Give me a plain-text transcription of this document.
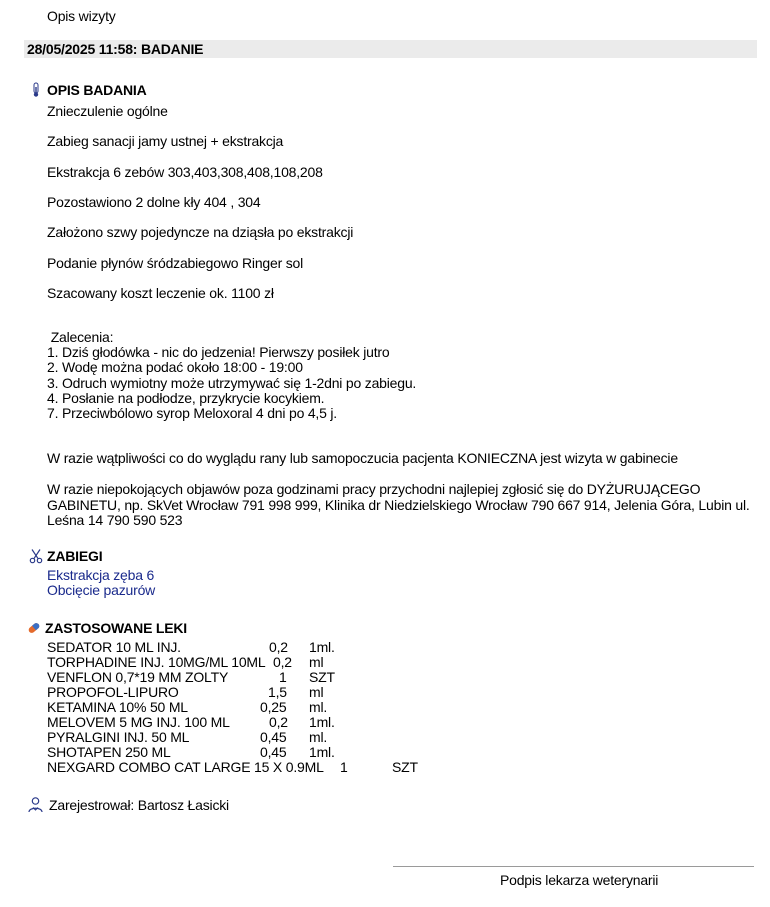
Opis wizyty
28/05/2025 11:58: BADANIE
OPIS BADANIA
Znieczulenie ogólne
Zabieg sanacji jamy ustnej + ekstrakcja
Ekstrakcja 6 zebów 303,403,308,408,108,208
Pozostawiono 2 dolne kły 404 , 304
Założono szwy pojedyncze na dziąsła po ekstrakcji
Podanie płynów śródzabiegowo Ringer sol
Szacowany koszt leczenie ok. 1100 zł
Zalecenia:
1. Dziś głodówka - nic do jedzenia! Pierwszy posiłek jutro
2. Wodę można podać około 18:00 - 19:00
3. Odruch wymiotny może utrzymywać się 1-2dni po zabiegu.
4. Posłanie na podłodze, przykrycie kocykiem.
7. Przeciwbólowo syrop Meloxoral 4 dni po 4,5 j.
W razie wątpliwości co do wyglądu rany lub samopoczucia pacjenta KONIECZNA jest wizyta w gabinecie
W razie niepokojących objawów poza godzinami pracy przychodni najlepiej zgłosić się do DYŻURUJĄCEGO GABINETU, np. SkVet Wrocław 791 998 999, Klinika dr Niedzielskiego Wrocław 790 667 914, Jelenia Góra, Lubin ul. Leśna 14 790 590 523
ZABIEGI
Ekstrakcja zęba 6
Obcięcie pazurów
ZASTOSOWANE LEKI
SEDATOR 10 ML INJ.	0,2 1ml.
TORPHADINE INJ. 10MG/ML 10ML 0,2 ml
VENFLON 0,7*19 MM ZOLTY	1 SZT
PROPOFOL-LIPURO	1,5 ml
KETAMINA 10% 50 ML	0,25 ml.
MELOVEM 5 MG INJ. 100 ML	0,2 1ml.
PYRALGINI INJ. 50 ML	0,45 ml.
SHOTAPEN 250 ML	0,45 1ml.
NEXGARD COMBO CAT LARGE 15 X 0.9ML 1	SZT
Zarejestrował: Bartosz Łasicki
Podpis lekarza weterynarii
